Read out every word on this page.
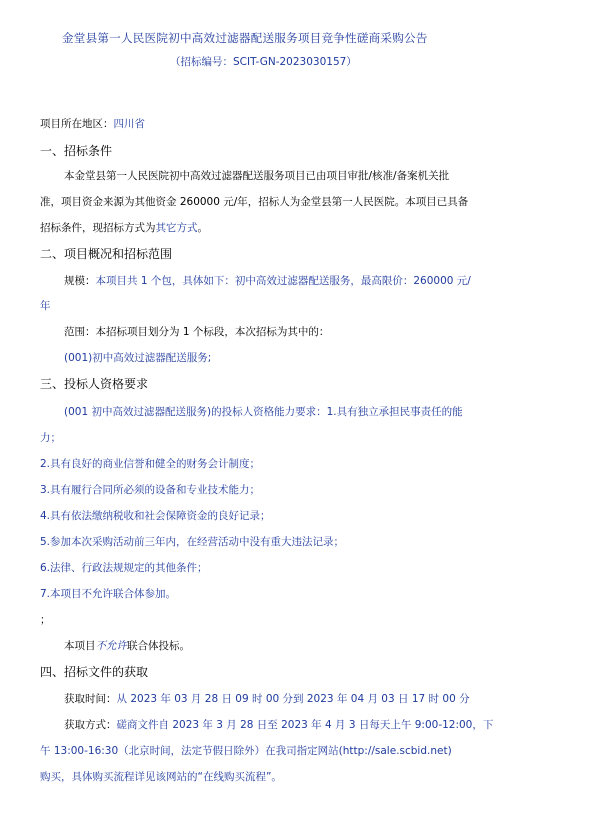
金堂县第一人民医院初中高效过滤器配送服务项目竞争性磋商采购公告
（招标编号：SCIT-GN-2023030157）
项目所在地区：四川省
一、招标条件
本金堂县第一人民医院初中高效过滤器配送服务项目已由项目审批/核准/备案机关批
准，项目资金来源为其他资金 260000 元/年，招标人为金堂县第一人民医院。本项目已具备
招标条件，现招标方式为其它方式。
二、项目概况和招标范围
规模：本项目共 1 个包，具体如下：初中高效过滤器配送服务，最高限价：260000 元/
年
范围：本招标项目划分为 1 个标段，本次招标为其中的：
(001)初中高效过滤器配送服务;
三、投标人资格要求
(001 初中高效过滤器配送服务)的投标人资格能力要求：1.具有独立承担民事责任的能
力；
2.具有良好的商业信誉和健全的财务会计制度；
3.具有履行合同所必须的设备和专业技术能力；
4.具有依法缴纳税收和社会保障资金的良好记录；
5.参加本次采购活动前三年内，在经营活动中没有重大违法记录；
6.法律、行政法规规定的其他条件；
7.本项目不允许联合体参加。
；
本项目不允许联合体投标。
四、招标文件的获取
获取时间：从 2023 年 03 月 28 日 09 时 00 分到 2023 年 04 月 03 日 17 时 00 分
获取方式：磋商文件自 2023 年 3 月 28 日至 2023 年 4 月 3 日每天上午 9:00-12:00，下
午 13:00-16:30（北京时间，法定节假日除外）在我司指定网站(http://sale.scbid.net)
购买，具体购买流程详见该网站的“在线购买流程”。
